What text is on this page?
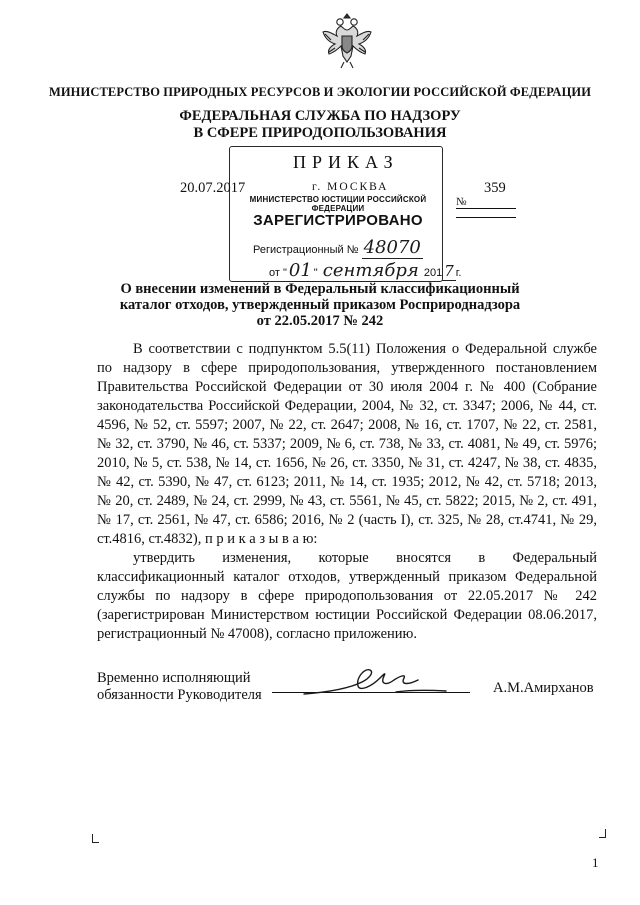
МИНИСТЕРСТВО ПРИРОДНЫХ РЕСУРСОВ И ЭКОЛОГИИ РОССИЙСКОЙ ФЕДЕРАЦИИ
ФЕДЕРАЛЬНАЯ СЛУЖБА ПО НАДЗОРУ
В СФЕРЕ ПРИРОДОПОЛЬЗОВАНИЯ
ПРИКАЗ
20.07.2017	359
г. МОСКВА
№
МИНИСТЕРСТВО ЮСТИЦИИ РОССИЙСКОЙ ФЕДЕРАЦИИ
ЗАРЕГИСТРИРОВАНО
Регистрационный № 48070
от " 01 " сентября 201 7 г.
О внесении изменений в Федеральный классификационный
каталог отходов, утвержденный приказом Росприроднадзора
от 22.05.2017 № 242

В соответствии с подпунктом 5.5(11) Положения о Федеральной службе по надзору в сфере природопользования, утвержденного постановлением Правительства Российской Федерации от 30 июля 2004 г. № 400 (Собрание законодательства Российской Федерации, 2004, № 32, ст. 3347; 2006, № 44, ст. 4596, № 52, ст. 5597; 2007, № 22, ст. 2647; 2008, № 16, ст. 1707, № 22, ст. 2581, № 32, ст. 3790, № 46, ст. 5337; 2009, № 6, ст. 738, № 33, ст. 4081, № 49, ст. 5976; 2010, № 5, ст. 538, № 14, ст. 1656, № 26, ст. 3350, № 31, ст. 4247, № 38, ст. 4835, № 42, ст. 5390, № 47, ст. 6123; 2011, № 14, ст. 1935; 2012, № 42, ст. 5718; 2013, № 20, ст. 2489, № 24, ст. 2999, № 43, ст. 5561, № 45, ст. 5822; 2015, № 2, ст. 491, № 17, ст. 2561, № 47, ст. 6586; 2016, № 2 (часть I), ст. 325, № 28, ст.4741, № 29, ст.4816, ст.4832), п р и к а з ы в а ю:

утвердить изменения, которые вносятся в Федеральный классификационный каталог отходов, утвержденный приказом Федеральной службы по надзору в сфере природопользования от 22.05.2017 № 242 (зарегистрирован Министерством юстиции Российской Федерации 08.06.2017, регистрационный № 47008), согласно приложению.

Временно исполняющий
обязанности Руководителя	А.М.Амирханов
1
